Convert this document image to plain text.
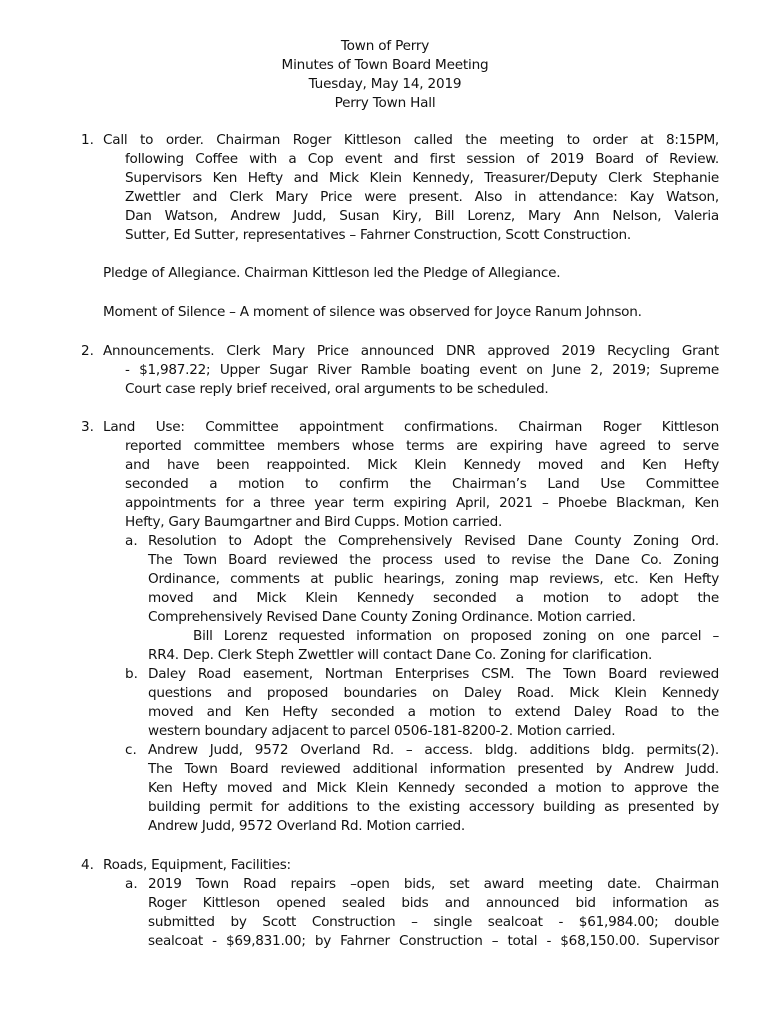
Town of Perry
Minutes of Town Board Meeting
Tuesday, May 14, 2019
Perry Town Hall
1. Call to order. Chairman Roger Kittleson called the meeting to order at 8:15PM,
following Coffee with a Cop event and first session of 2019 Board of Review.
Supervisors Ken Hefty and Mick Klein Kennedy, Treasurer/Deputy Clerk Stephanie
Zwettler and Clerk Mary Price were present. Also in attendance: Kay Watson,
Dan Watson, Andrew Judd, Susan Kiry, Bill Lorenz, Mary Ann Nelson, Valeria
Sutter, Ed Sutter, representatives – Fahrner Construction, Scott Construction.
Pledge of Allegiance. Chairman Kittleson led the Pledge of Allegiance.
Moment of Silence – A moment of silence was observed for Joyce Ranum Johnson.
2. Announcements. Clerk Mary Price announced DNR approved 2019 Recycling Grant
- $1,987.22; Upper Sugar River Ramble boating event on June 2, 2019; Supreme
Court case reply brief received, oral arguments to be scheduled.
3. Land Use: Committee appointment confirmations. Chairman Roger Kittleson
reported committee members whose terms are expiring have agreed to serve
and have been reappointed. Mick Klein Kennedy moved and Ken Hefty
seconded a motion to confirm the Chairman’s Land Use Committee
appointments for a three year term expiring April, 2021 – Phoebe Blackman, Ken
Hefty, Gary Baumgartner and Bird Cupps. Motion carried.
a. Resolution to Adopt the Comprehensively Revised Dane County Zoning Ord.
The Town Board reviewed the process used to revise the Dane Co. Zoning
Ordinance, comments at public hearings, zoning map reviews, etc. Ken Hefty
moved and Mick Klein Kennedy seconded a motion to adopt the
Comprehensively Revised Dane County Zoning Ordinance. Motion carried.
Bill Lorenz requested information on proposed zoning on one parcel –
RR4. Dep. Clerk Steph Zwettler will contact Dane Co. Zoning for clarification.
b. Daley Road easement, Nortman Enterprises CSM. The Town Board reviewed
questions and proposed boundaries on Daley Road. Mick Klein Kennedy
moved and Ken Hefty seconded a motion to extend Daley Road to the
western boundary adjacent to parcel 0506-181-8200-2. Motion carried.
c. Andrew Judd, 9572 Overland Rd. – access. bldg. additions bldg. permits(2).
The Town Board reviewed additional information presented by Andrew Judd.
Ken Hefty moved and Mick Klein Kennedy seconded a motion to approve the
building permit for additions to the existing accessory building as presented by
Andrew Judd, 9572 Overland Rd. Motion carried.
4. Roads, Equipment, Facilities:
a. 2019 Town Road repairs –open bids, set award meeting date. Chairman
Roger Kittleson opened sealed bids and announced bid information as
submitted by Scott Construction – single sealcoat - $61,984.00; double
sealcoat - $69,831.00; by Fahrner Construction – total - $68,150.00. Supervisor
